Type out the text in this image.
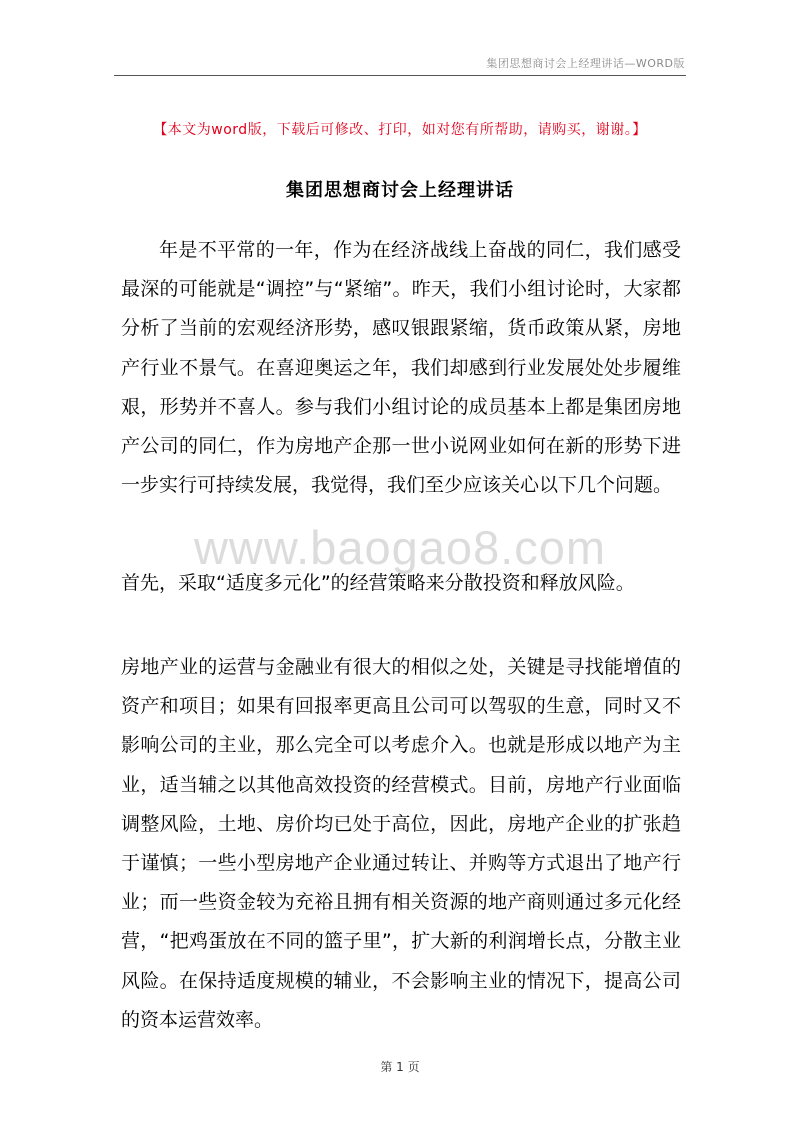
集团思想商讨会上经理讲话—WORD版
【本文为word版，下载后可修改、打印，如对您有所帮助，请购买，谢谢。】
集团思想商讨会上经理讲话

年是不平常的一年，作为在经济战线上奋战的同仁，我们感受最深的可能就是“调控”与“紧缩”。昨天，我们小组讨论时，大家都分析了当前的宏观经济形势，感叹银跟紧缩，货币政策从紧，房地产行业不景气。在喜迎奥运之年，我们却感到行业发展处处步履维艰，形势并不喜人。参与我们小组讨论的成员基本上都是集团房地产公司的同仁，作为房地产企那一世小说网业如何在新的形势下进一步实行可持续发展，我觉得，我们至少应该关心以下几个问题。

www.baogao8.com

首先，采取“适度多元化”的经营策略来分散投资和释放风险。

房地产业的运营与金融业有很大的相似之处，关键是寻找能增值的资产和项目；如果有回报率更高且公司可以驾驭的生意，同时又不影响公司的主业，那么完全可以考虑介入。也就是形成以地产为主业，适当辅之以其他高效投资的经营模式。目前，房地产行业面临调整风险，土地、房价均已处于高位，因此，房地产企业的扩张趋于谨慎；一些小型房地产企业通过转让、并购等方式退出了地产行业；而一些资金较为充裕且拥有相关资源的地产商则通过多元化经营，“把鸡蛋放在不同的篮子里”，扩大新的利润增长点，分散主业风险。在保持适度规模的辅业，不会影响主业的情况下，提高公司的资本运营效率。

第 1 页
